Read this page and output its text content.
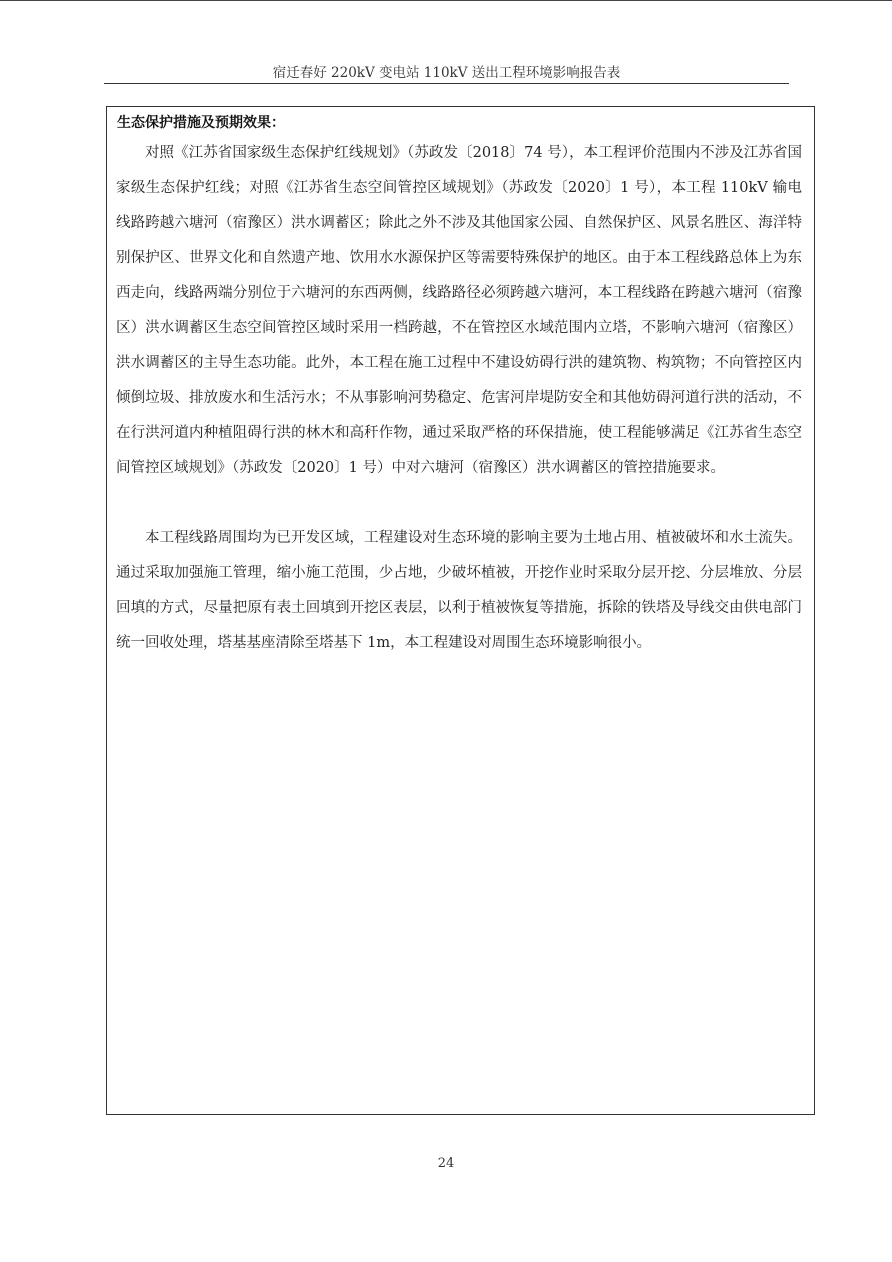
宿迁春好 220kV 变电站 110kV 送出工程环境影响报告表
生态保护措施及预期效果：

对照《江苏省国家级生态保护红线规划》（苏政发〔2018〕74 号），本工程评价范围内不涉及江苏省国家级生态保护红线；对照《江苏省生态空间管控区域规划》（苏政发〔2020〕1 号），本工程 110kV 输电线路跨越六塘河（宿豫区）洪水调蓄区；除此之外不涉及其他国家公园、自然保护区、风景名胜区、海洋特别保护区、世界文化和自然遗产地、饮用水水源保护区等需要特殊保护的地区。由于本工程线路总体上为东西走向，线路两端分别位于六塘河的东西两侧，线路路径必须跨越六塘河，本工程线路在跨越六塘河（宿豫区）洪水调蓄区生态空间管控区域时采用一档跨越，不在管控区水域范围内立塔，不影响六塘河（宿豫区）洪水调蓄区的主导生态功能。此外，本工程在施工过程中不建设妨碍行洪的建筑物、构筑物；不向管控区内倾倒垃圾、排放废水和生活污水；不从事影响河势稳定、危害河岸堤防安全和其他妨碍河道行洪的活动，不在行洪河道内种植阻碍行洪的林木和高秆作物，通过采取严格的环保措施，使工程能够满足《江苏省生态空间管控区域规划》（苏政发〔2020〕1 号）中对六塘河（宿豫区）洪水调蓄区的管控措施要求。

本工程线路周围均为已开发区域，工程建设对生态环境的影响主要为土地占用、植被破坏和水土流失。通过采取加强施工管理，缩小施工范围，少占地，少破坏植被，开挖作业时采取分层开挖、分层堆放、分层回填的方式，尽量把原有表土回填到开挖区表层，以利于植被恢复等措施，拆除的铁塔及导线交由供电部门统一回收处理，塔基基座清除至塔基下 1m，本工程建设对周围生态环境影响很小。

24
